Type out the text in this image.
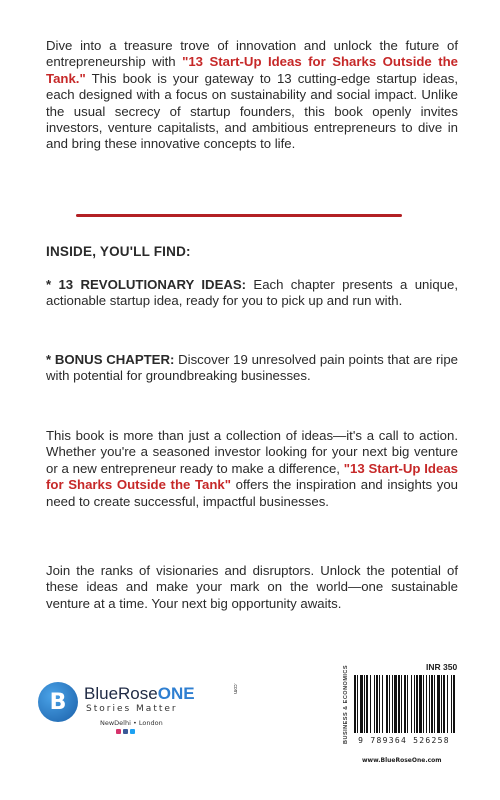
Dive into a treasure trove of innovation and unlock the future of entrepreneurship with "13 Start-Up Ideas for Sharks Outside the Tank." This book is your gateway to 13 cutting-edge startup ideas, each designed with a focus on sustainability and social impact. Unlike the usual secrecy of startup founders, this book openly invites investors, venture capitalists, and ambitious entrepreneurs to dive in and bring these innovative concepts to life.

INSIDE, YOU'LL FIND:

* 13 REVOLUTIONARY IDEAS: Each chapter presents a unique, actionable startup idea, ready for you to pick up and run with.

* BONUS CHAPTER: Discover 19 unresolved pain points that are ripe with potential for groundbreaking businesses.

This book is more than just a collection of ideas—it's a call to action. Whether you're a seasoned investor looking for your next big venture or a new entrepreneur ready to make a difference, "13 Start-Up Ideas for Sharks Outside the Tank" offers the inspiration and insights you need to create successful, impactful businesses.

Join the ranks of visionaries and disruptors. Unlock the potential of these ideas and make your mark on the world—one sustainable venture at a time. Your next big opportunity awaits.

B BlueRoseONE	.com
Stories Matter
NewDelhi • London	BUSINESS & ECONOMICS	INR 350
9 789364 526258
www.BlueRoseOne.com
